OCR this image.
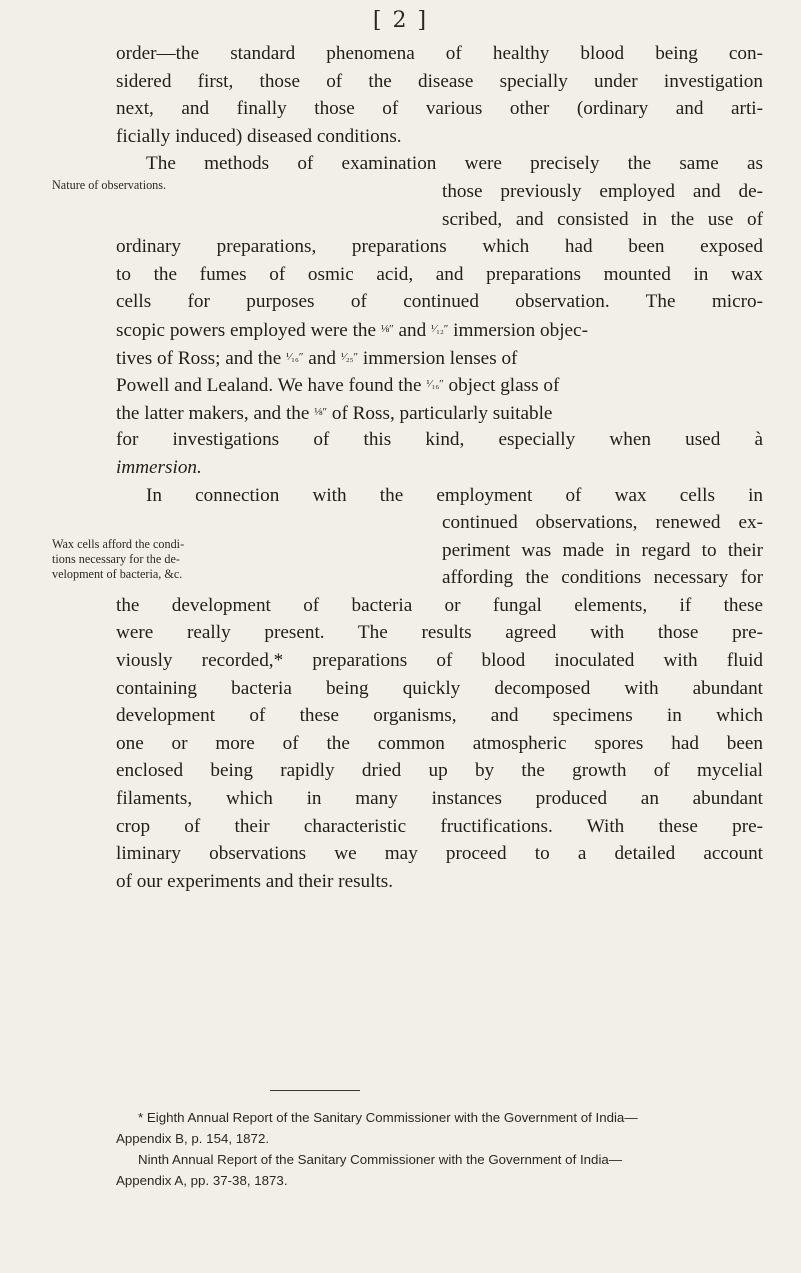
[ 2 ]
Nature of observations.
Wax cells afford the condi-
tions necessary for the de-
velopment of bacteria, &c.
order—the standard phenomena of healthy blood being con-
sidered first, those of the disease specially under investigation
next, and finally those of various other (ordinary and arti-
ficially induced) diseased conditions.
The methods of examination were precisely the same as
those previously employed and de-
scribed, and consisted in the use of
ordinary preparations, preparations which had been exposed
to the fumes of osmic acid, and preparations mounted in wax
cells for purposes of continued observation. The micro-
scopic powers employed were the $^{\frac{1}{8}''}$ and $^{^1⁄_{12}''}$ immersion objec-
tives of Ross; and the $^{^1⁄_{16}''}$ and $^{^1⁄_{25}''}$ immersion lenses of
Powell and Lealand. We have found the $^{^1⁄_{16}''}$ object glass of
the latter makers, and the $^{\frac{1}{8}''}$ of Ross, particularly suitable
for investigations of this kind, especially when used à
immersion.
In connection with the employment of wax cells in
continued observations, renewed ex-
periment was made in regard to their
affording the conditions necessary for
the development of bacteria or fungal elements, if these
were really present. The results agreed with those pre-
viously recorded,* preparations of blood inoculated with fluid
containing bacteria being quickly decomposed with abundant
development of these organisms, and specimens in which
one or more of the common atmospheric spores had been
enclosed being rapidly dried up by the growth of mycelial
filaments, which in many instances produced an abundant
crop of their characteristic fructifications. With these pre-
liminary observations we may proceed to a detailed account
of our experiments and their results.
* Eighth Annual Report of the Sanitary Commissioner with the Government of India—
Appendix B, p. 154, 1872.
Ninth Annual Report of the Sanitary Commissioner with the Government of India—
Appendix A, pp. 37-38, 1873.
